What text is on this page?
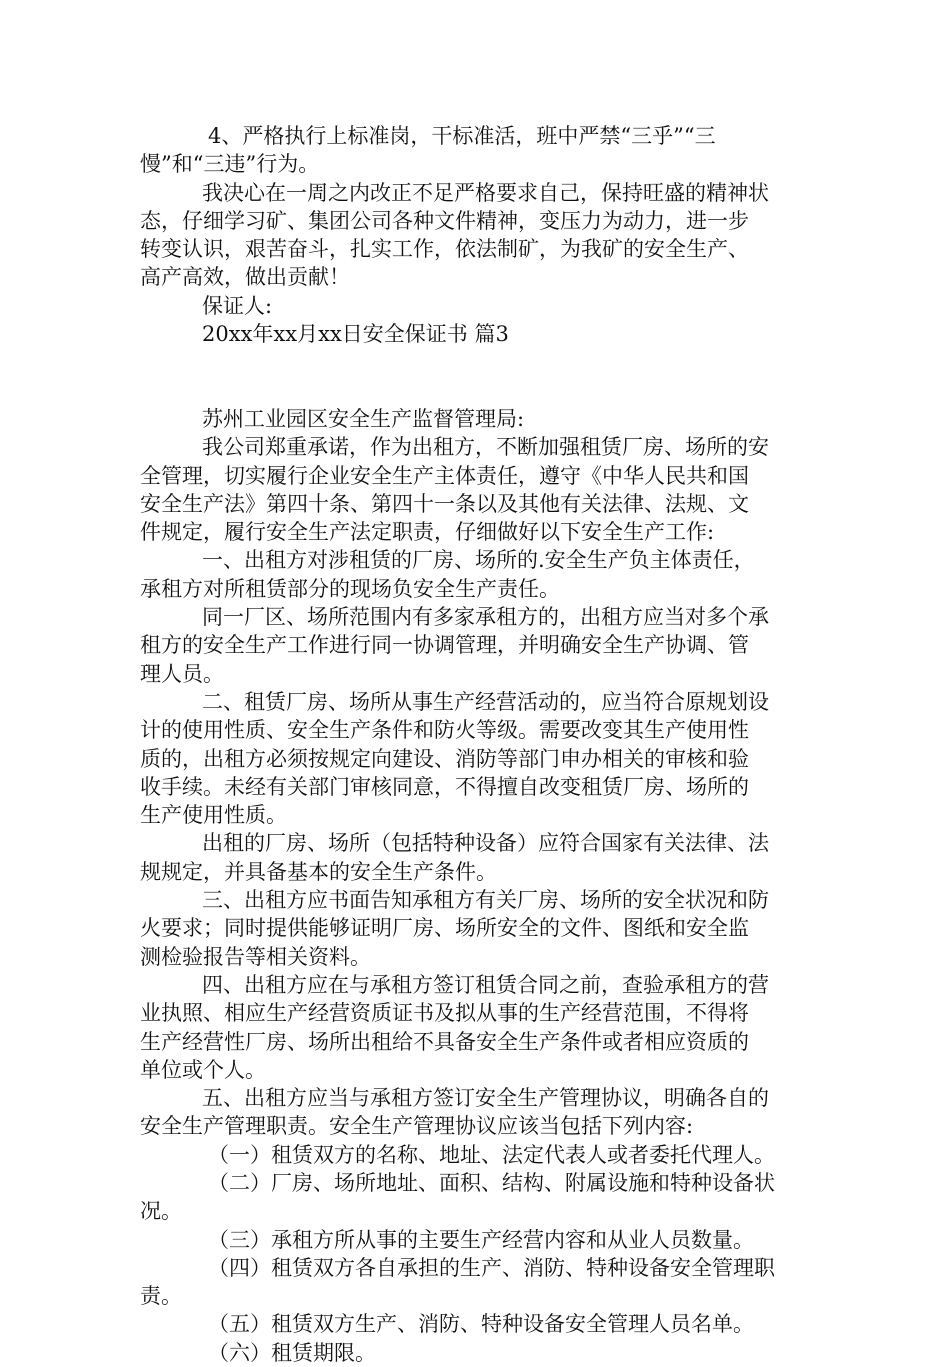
4、严格执行上标准岗，干标准活，班中严禁“三乎”“三
慢”和“三违”行为。
我决心在一周之内改正不足严格要求自己，保持旺盛的精神状
态，仔细学习矿、集团公司各种文件精神，变压力为动力，进一步
转变认识，艰苦奋斗，扎实工作，依法制矿，为我矿的安全生产、
高产高效，做出贡献！
保证人:
20xx年xx月xx日安全保证书 篇3
苏州工业园区安全生产监督管理局:
我公司郑重承诺，作为出租方，不断加强租赁厂房、场所的安
全管理，切实履行企业安全生产主体责任，遵守《中华人民共和国
安全生产法》第四十条、第四十一条以及其他有关法律、法规、文
件规定，履行安全生产法定职责，仔细做好以下安全生产工作:
一、出租方对涉租赁的厂房、场所的.安全生产负主体责任，
承租方对所租赁部分的现场负安全生产责任。
同一厂区、场所范围内有多家承租方的，出租方应当对多个承
租方的安全生产工作进行同一协调管理，并明确安全生产协调、管
理人员。
二、租赁厂房、场所从事生产经营活动的，应当符合原规划设
计的使用性质、安全生产条件和防火等级。需要改变其生产使用性
质的，出租方必须按规定向建设、消防等部门申办相关的审核和验
收手续。未经有关部门审核同意，不得擅自改变租赁厂房、场所的
生产使用性质。
出租的厂房、场所（包括特种设备）应符合国家有关法律、法
规规定，并具备基本的安全生产条件。
三、出租方应书面告知承租方有关厂房、场所的安全状况和防
火要求；同时提供能够证明厂房、场所安全的文件、图纸和安全监
测检验报告等相关资料。
四、出租方应在与承租方签订租赁合同之前，查验承租方的营
业执照、相应生产经营资质证书及拟从事的生产经营范围，不得将
生产经营性厂房、场所出租给不具备安全生产条件或者相应资质的
单位或个人。
五、出租方应当与承租方签订安全生产管理协议，明确各自的
安全生产管理职责。安全生产管理协议应该当包括下列内容:
（一）租赁双方的名称、地址、法定代表人或者委托代理人。
（二）厂房、场所地址、面积、结构、附属设施和特种设备状
况。
（三）承租方所从事的主要生产经营内容和从业人员数量。
（四）租赁双方各自承担的生产、消防、特种设备安全管理职
责。
（五）租赁双方生产、消防、特种设备安全管理人员名单。
（六）租赁期限。
